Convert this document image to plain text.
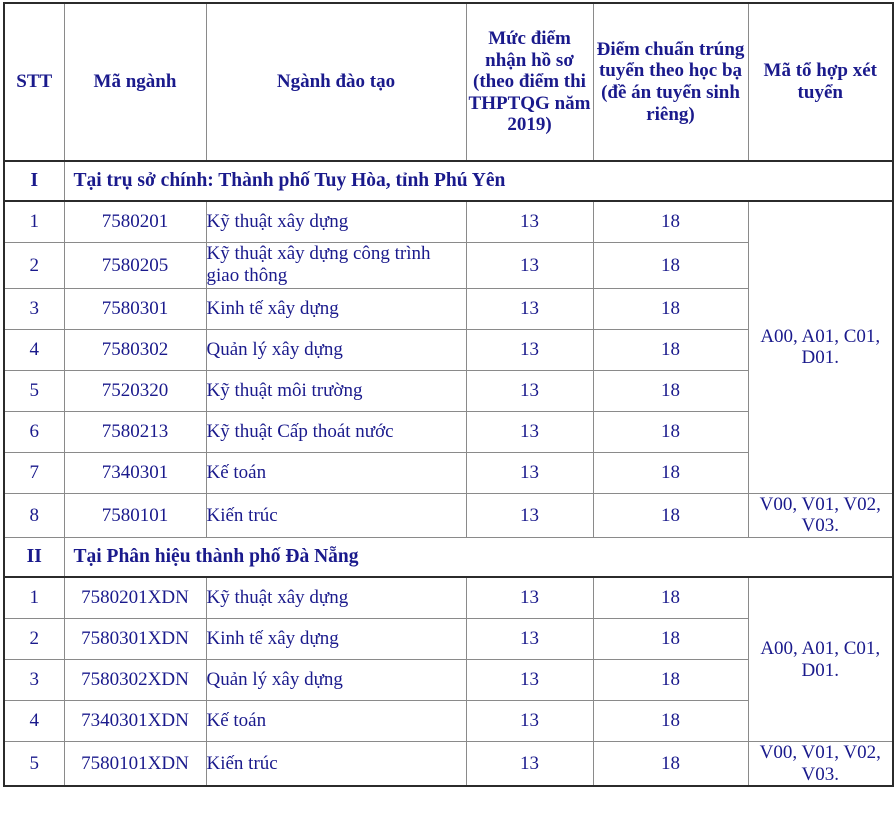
STT	Mã ngành	Ngành đào tạo	Mức điểm nhận hồ sơ (theo điểm thi THPTQG năm 2019)	Điểm chuẩn trúng tuyển theo học bạ (đề án tuyển sinh riêng)	Mã tổ hợp xét tuyển
I	Tại trụ sở chính: Thành phố Tuy Hòa, tỉnh Phú Yên				
1	7580201	Kỹ thuật xây dựng	13	18	A00, A01, C01, D01.
2	7580205	Kỹ thuật xây dựng công trình giao thông	13	18	
3	7580301	Kinh tế xây dựng	13	18	
4	7580302	Quản lý xây dựng	13	18	
5	7520320	Kỹ thuật môi trường	13	18	
6	7580213	Kỹ thuật Cấp thoát nước	13	18	
7	7340301	Kế toán	13	18	
8	7580101	Kiến trúc	13	18	V00, V01, V02, V03.
II	Tại Phân hiệu thành phố Đà Nẵng				
1	7580201XDN	Kỹ thuật xây dựng	13	18	A00, A01, C01, D01.
2	7580301XDN	Kinh tế xây dựng	13	18	
3	7580302XDN	Quản lý xây dựng	13	18	
4	7340301XDN	Kế toán	13	18	
5	7580101XDN	Kiến trúc	13	18	V00, V01, V02, V03.
